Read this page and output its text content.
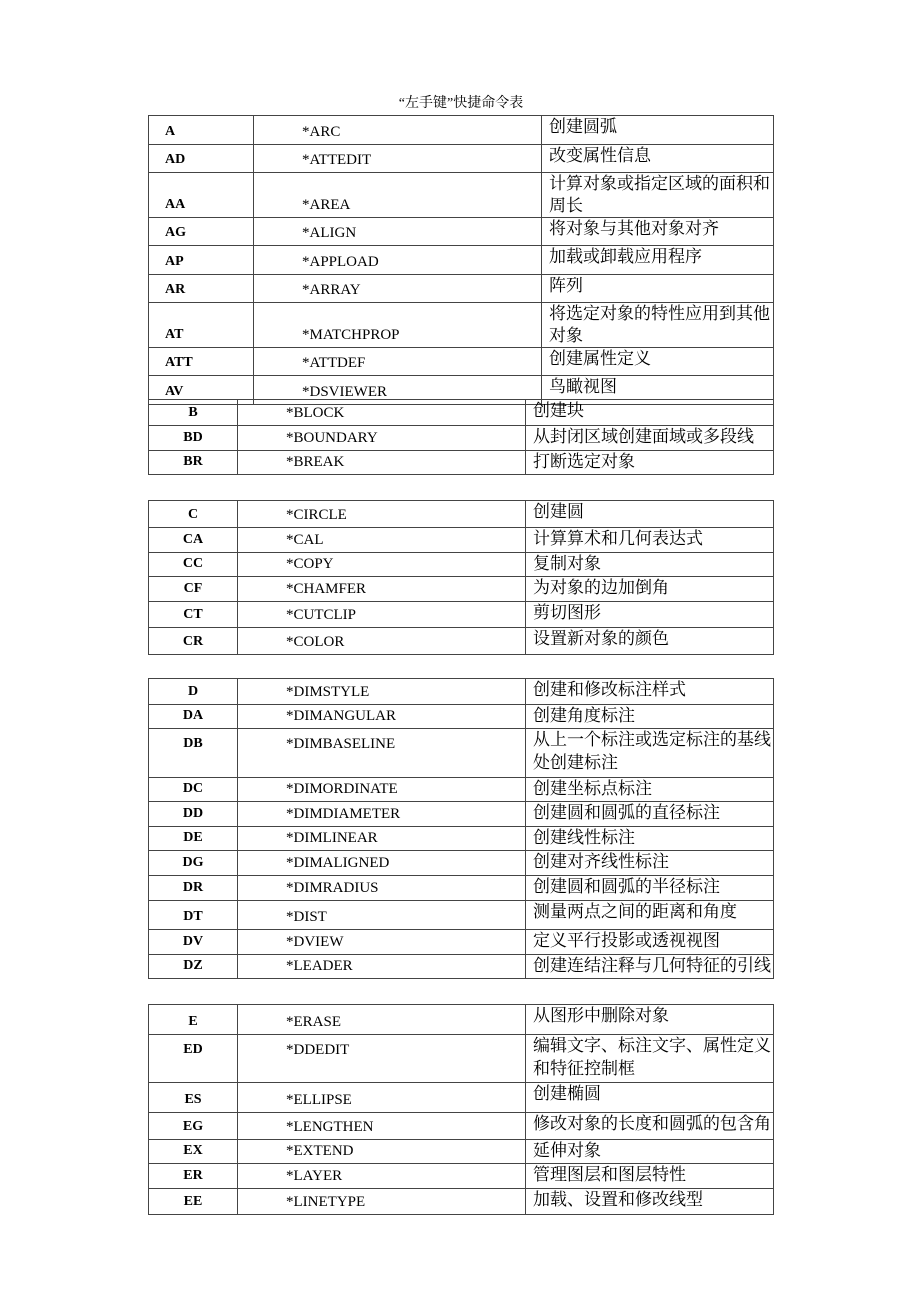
“左手键”快捷命令表
A	*ARC	创建圆弧
AD	*ATTEDIT	改变属性信息
AA	*AREA	计算对象或指定区域的面积和周长
AG	*ALIGN	将对象与其他对象对齐
AP	*APPLOAD	加载或卸载应用程序
AR	*ARRAY	阵列
AT	*MATCHPROP	将选定对象的特性应用到其他对象
ATT	*ATTDEF	创建属性定义
AV	*DSVIEWER	鸟瞰视图
B	*BLOCK	创建块
BD	*BOUNDARY	从封闭区域创建面域或多段线
BR	*BREAK	打断选定对象
C	*CIRCLE	创建圆
CA	*CAL	计算算术和几何表达式
CC	*COPY	复制对象
CF	*CHAMFER	为对象的边加倒角
CT	*CUTCLIP	剪切图形
CR	*COLOR	设置新对象的颜色
D	*DIMSTYLE	创建和修改标注样式
DA	*DIMANGULAR	创建角度标注
DB	*DIMBASELINE	从上一个标注或选定标注的基线处创建标注
DC	*DIMORDINATE	创建坐标点标注
DD	*DIMDIAMETER	创建圆和圆弧的直径标注
DE	*DIMLINEAR	创建线性标注
DG	*DIMALIGNED	创建对齐线性标注
DR	*DIMRADIUS	创建圆和圆弧的半径标注
DT	*DIST	测量两点之间的距离和角度
DV	*DVIEW	定义平行投影或透视视图
DZ	*LEADER	创建连结注释与几何特征的引线
E	*ERASE	从图形中删除对象
ED	*DDEDIT	编辑文字、标注文字、属性定义和特征控制框
ES	*ELLIPSE	创建椭圆
EG	*LENGTHEN	修改对象的长度和圆弧的包含角
EX	*EXTEND	延伸对象
ER	*LAYER	管理图层和图层特性
EE	*LINETYPE	加载、设置和修改线型
